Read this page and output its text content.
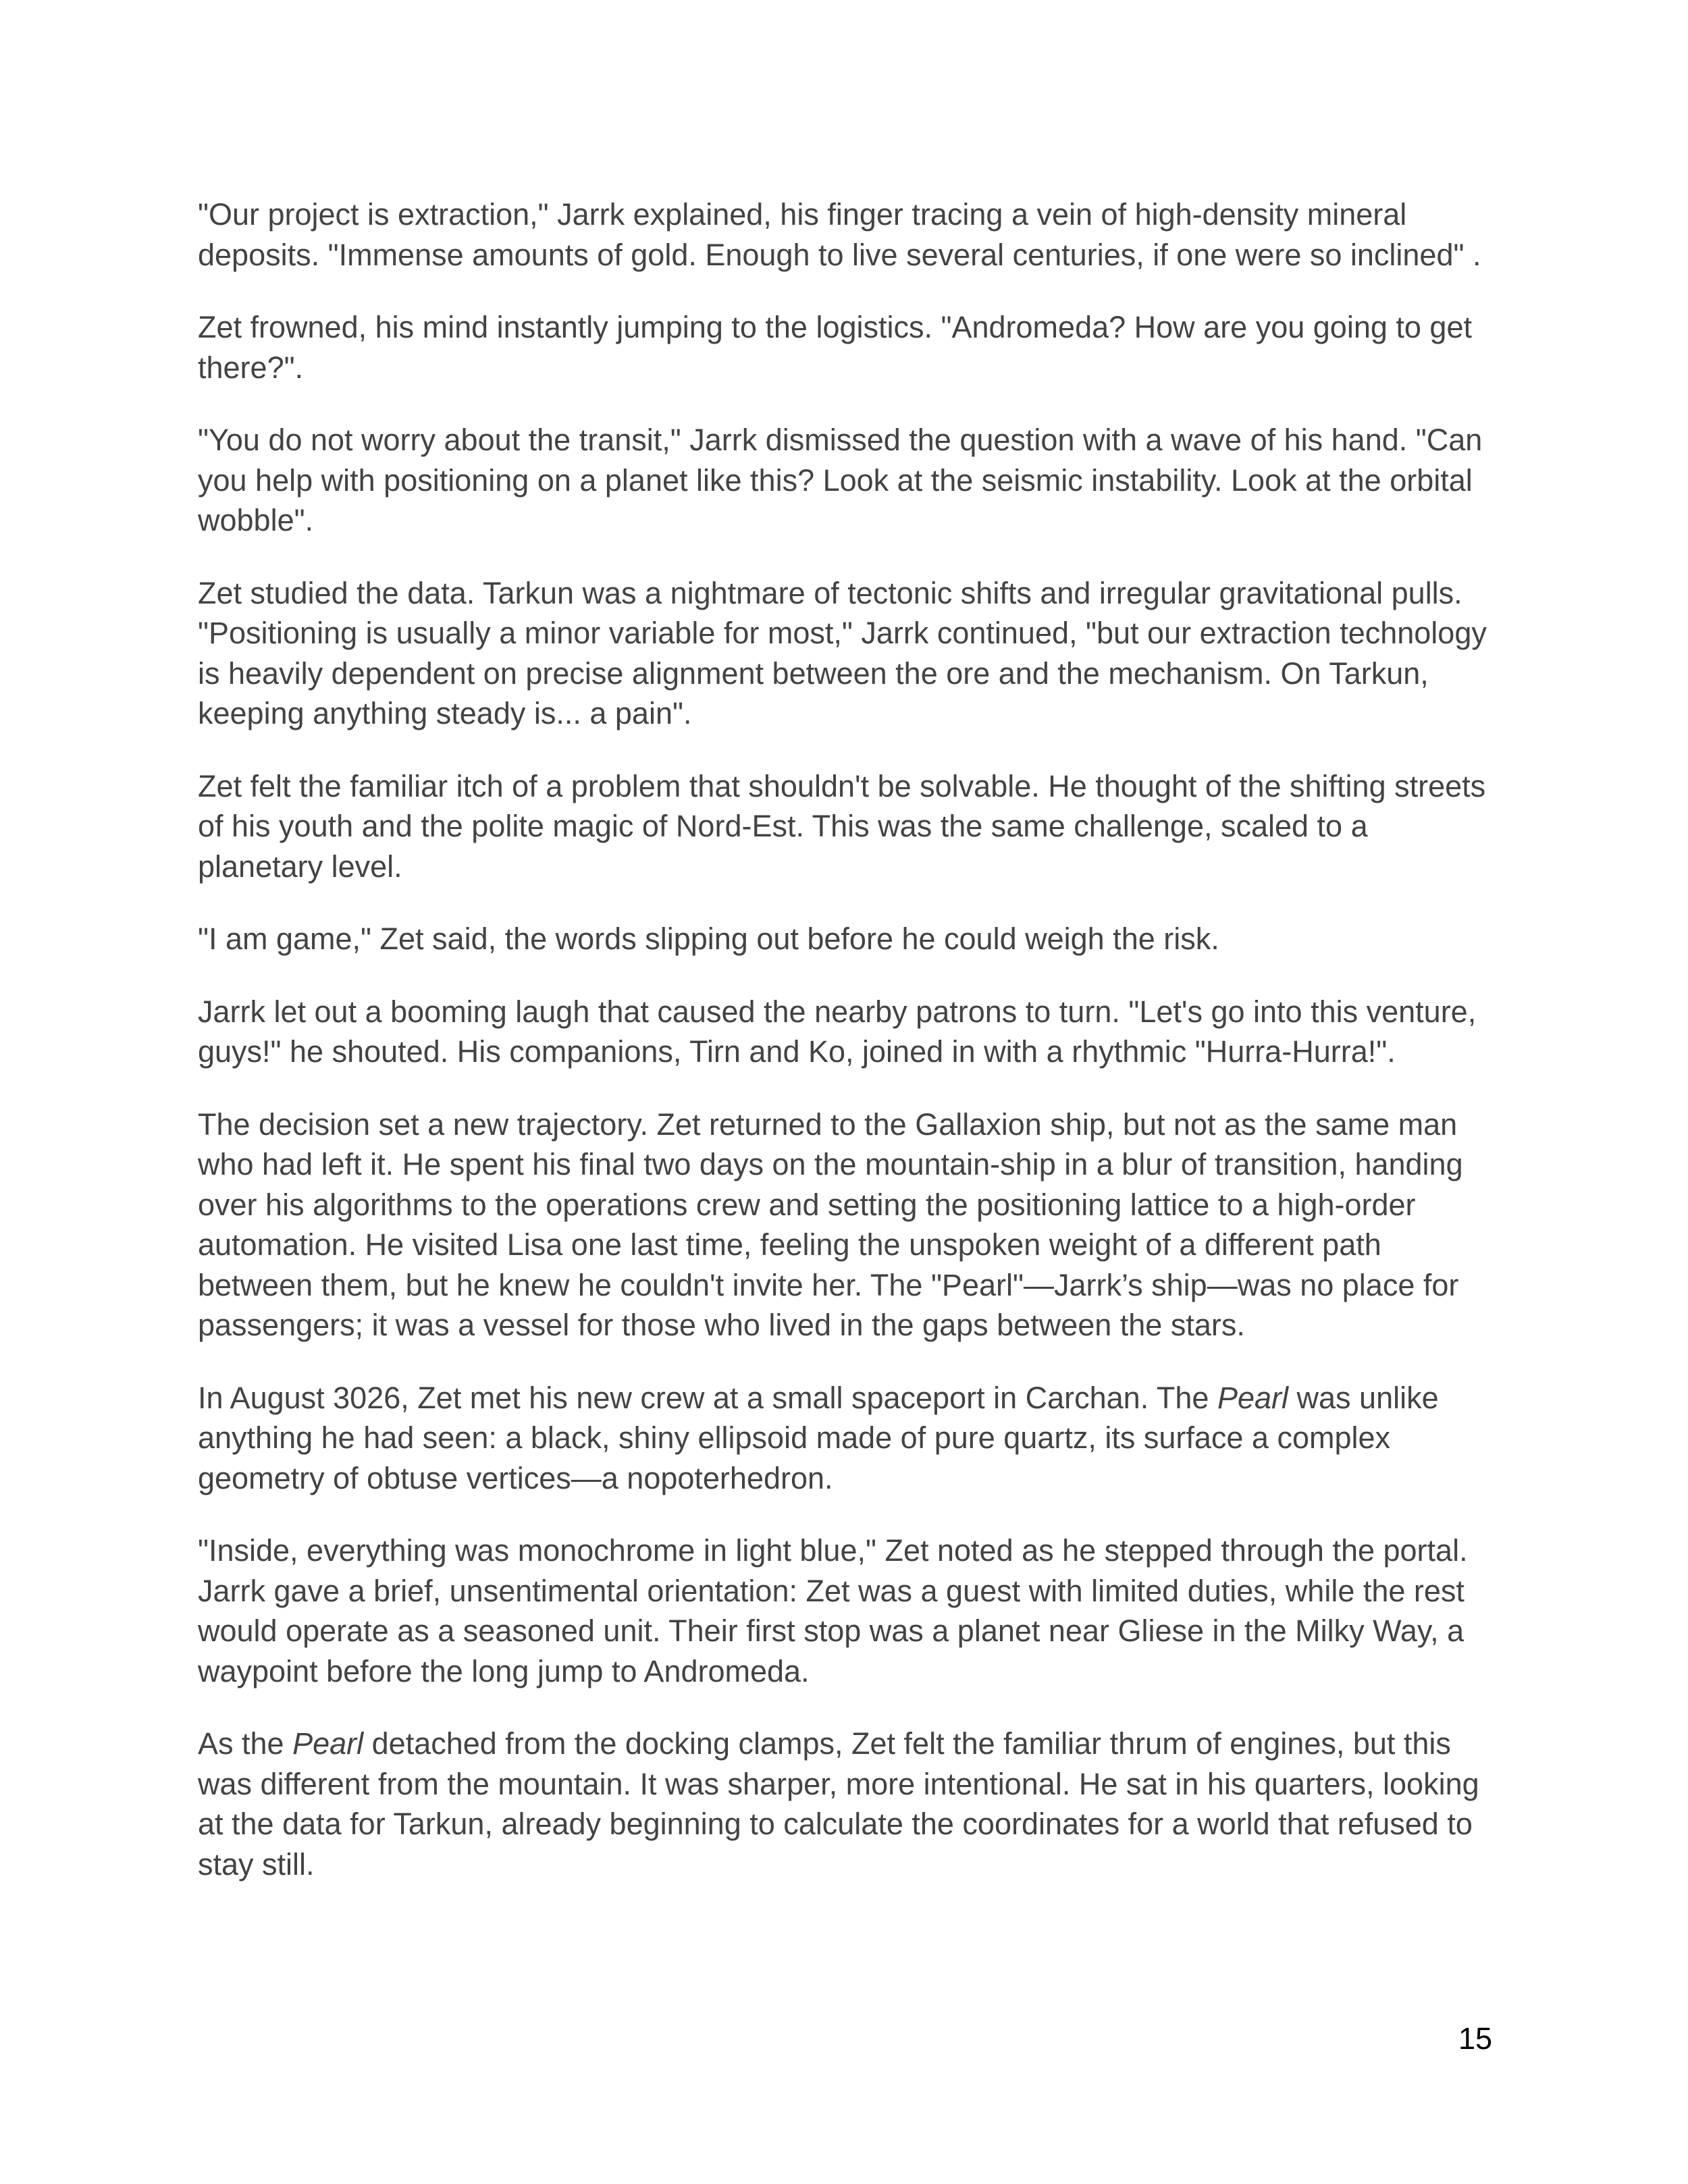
"Our project is extraction," Jarrk explained, his finger tracing a vein of high-density mineral deposits. "Immense amounts of gold. Enough to live several centuries, if one were so inclined" .

Zet frowned, his mind instantly jumping to the logistics. "Andromeda? How are you going to get there?".

"You do not worry about the transit," Jarrk dismissed the question with a wave of his hand. "Can you help with positioning on a planet like this? Look at the seismic instability. Look at the orbital wobble".

Zet studied the data. Tarkun was a nightmare of tectonic shifts and irregular gravitational pulls. "Positioning is usually a minor variable for most," Jarrk continued, "but our extraction technology is heavily dependent on precise alignment between the ore and the mechanism. On Tarkun, keeping anything steady is... a pain".

Zet felt the familiar itch of a problem that shouldn't be solvable. He thought of the shifting streets of his youth and the polite magic of Nord-Est. This was the same challenge, scaled to a planetary level.

"I am game," Zet said, the words slipping out before he could weigh the risk.

Jarrk let out a booming laugh that caused the nearby patrons to turn. "Let's go into this venture, guys!" he shouted. His companions, Tirn and Ko, joined in with a rhythmic "Hurra-Hurra!".

The decision set a new trajectory. Zet returned to the Gallaxion ship, but not as the same man who had left it. He spent his final two days on the mountain-ship in a blur of transition, handing over his algorithms to the operations crew and setting the positioning lattice to a high-order automation. He visited Lisa one last time, feeling the unspoken weight of a different path between them, but he knew he couldn't invite her. The "Pearl"—Jarrk’s ship—was no place for passengers; it was a vessel for those who lived in the gaps between the stars.

In August 3026, Zet met his new crew at a small spaceport in Carchan. The Pearl was unlike anything he had seen: a black, shiny ellipsoid made of pure quartz, its surface a complex geometry of obtuse vertices—a nopoterhedron.

"Inside, everything was monochrome in light blue," Zet noted as he stepped through the portal. Jarrk gave a brief, unsentimental orientation: Zet was a guest with limited duties, while the rest would operate as a seasoned unit. Their first stop was a planet near Gliese in the Milky Way, a waypoint before the long jump to Andromeda.

As the Pearl detached from the docking clamps, Zet felt the familiar thrum of engines, but this was different from the mountain. It was sharper, more intentional. He sat in his quarters, looking at the data for Tarkun, already beginning to calculate the coordinates for a world that refused to stay still.

15
